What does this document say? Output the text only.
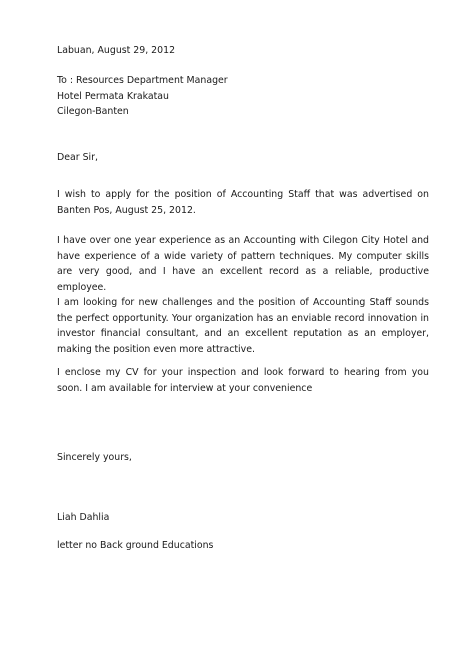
Labuan, August 29, 2012
To : Resources Department Manager
Hotel Permata Krakatau
Cilegon-Banten
Dear Sir,
I wish to apply for the position of Accounting Staff that was advertised on Banten Pos, August 25, 2012.
I have over one year experience as an Accounting with Cilegon City Hotel and have experience of a wide variety of pattern techniques. My computer skills are very good, and I have an excellent record as a reliable, productive employee.
I am looking for new challenges and the position of Accounting Staff sounds the perfect opportunity. Your organization has an enviable record innovation in investor financial consultant, and an excellent reputation as an employer, making the position even more attractive.
I enclose my CV for your inspection and look forward to hearing from you soon. I am available for interview at your convenience
Sincerely yours,
Liah Dahlia
letter no Back ground Educations
